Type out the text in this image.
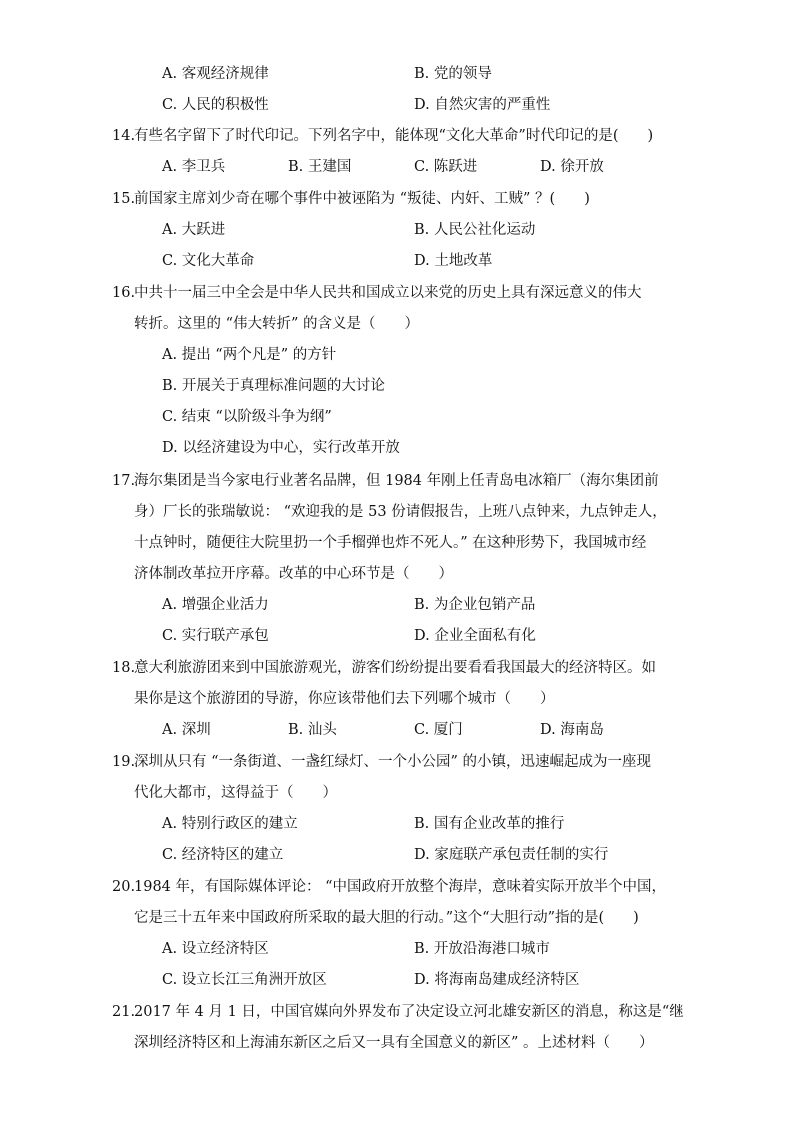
A. 客观经济规律	B. 党的领导
C. 人民的积极性	D. 自然灾害的严重性
14.
有些名字留下了时代印记。下列名字中，能体现“文化大革命”时代印记的是(　　)
A. 李卫兵	B. 王建国	C. 陈跃进	D. 徐开放
15.
前国家主席刘少奇在哪个事件中被诬陷为 “叛徒、内奸、工贼” ？(　　)
A. 大跃进	B. 人民公社化运动
C. 文化大革命	D. 土地改革
16.
中共十一届三中全会是中华人民共和国成立以来党的历史上具有深远意义的伟大
转折。这里的 “伟大转折” 的含义是（　　）
A. 提出 “两个凡是” 的方针
B. 开展关于真理标准问题的大讨论
C. 结束 “以阶级斗争为纲”
D. 以经济建设为中心，实行改革开放
17.
海尔集团是当今家电行业著名品牌，但 1984 年刚上任青岛电冰箱厂（海尔集团前
身）厂长的张瑞敏说： “欢迎我的是 53 份请假报告，上班八点钟来，九点钟走人，
十点钟时，随便往大院里扔一个手榴弹也炸不死人。” 在这种形势下，我国城市经
济体制改革拉开序幕。改革的中心环节是（　　）
A. 增强企业活力	B. 为企业包销产品
C. 实行联产承包	D. 企业全面私有化
18.
意大利旅游团来到中国旅游观光，游客们纷纷提出要看看我国最大的经济特区。如
果你是这个旅游团的导游，你应该带他们去下列哪个城市（　　）
A. 深圳	B. 汕头	C. 厦门	D. 海南岛
19.
深圳从只有 “一条街道、一盏红绿灯、一个小公园” 的小镇，迅速崛起成为一座现
代化大都市，这得益于（　　）
A. 特别行政区的建立	B. 国有企业改革的推行
C. 经济特区的建立	D. 家庭联产承包责任制的实行
20.
1984 年，有国际媒体评论： “中国政府开放整个海岸，意味着实际开放半个中国，
它是三十五年来中国政府所采取的最大胆的行动。”这个“大胆行动”指的是(　　)
A. 设立经济特区	B. 开放沿海港口城市
C. 设立长江三角洲开放区	D. 将海南岛建成经济特区
21.
2017 年 4 月 1 日，中国官媒向外界发布了决定设立河北雄安新区的消息，称这是“继
深圳经济特区和上海浦东新区之后又一具有全国意义的新区” 。上述材料（　　）
